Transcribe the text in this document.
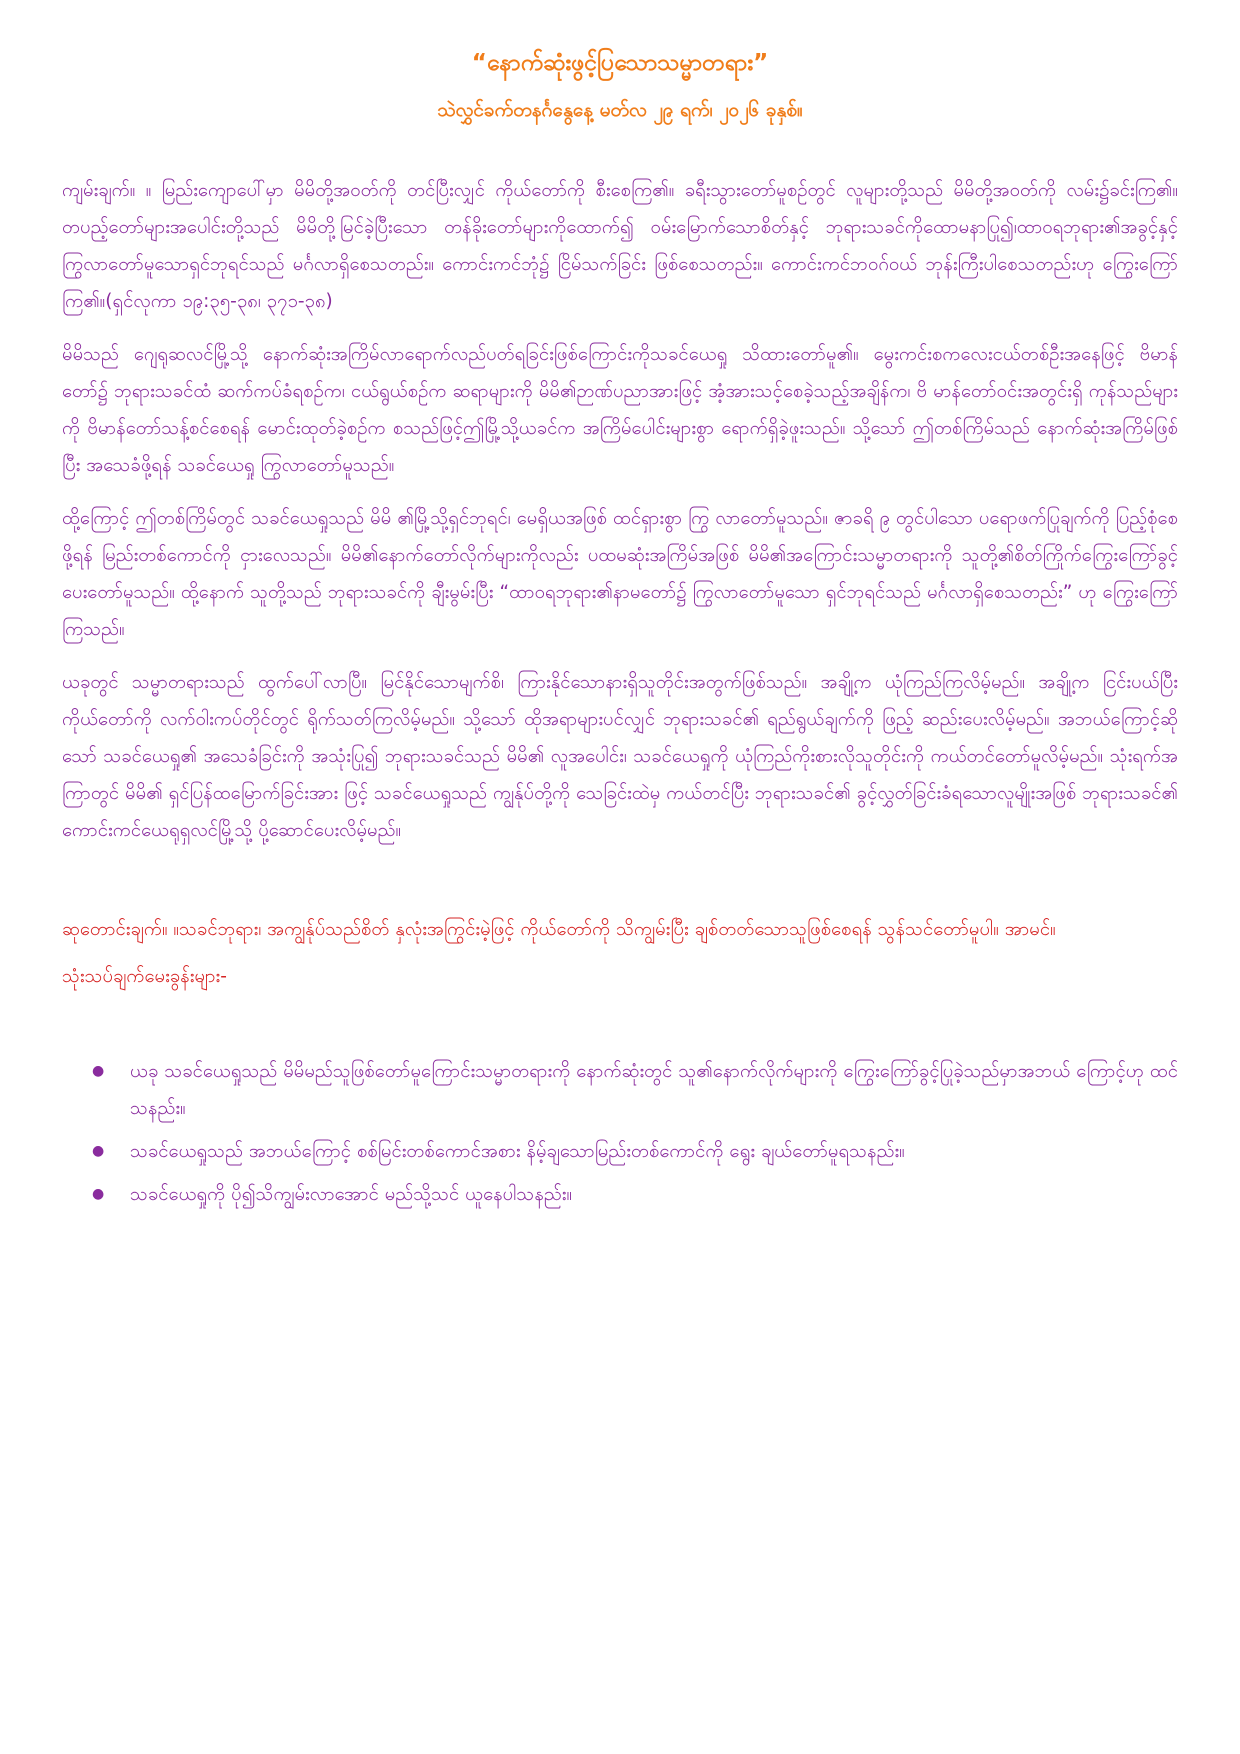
“နောက်ဆုံးဖွင့်ပြသောသမ္မာတရား”
သဲလွှင်ခက်တနင်္ဂနွေနေ့ မတ်လ ၂၉ ရက်၊ ၂၀၂၆ ခုနှစ်။

ကျမ်းချက်။ ။ မြည်းကျောပေါ်မှာ မိမိတို့အဝတ်ကို တင်ပြီးလျှင် ကိုယ်တော်ကို စီးစေကြ၏။ ခရီးသွားတော်မူစဉ်တွင် လူများတို့သည် မိမိတို့အဝတ်ကို လမ်း၌ခင်းကြ၏။ တပည့်တော်များအပေါင်းတို့သည် မိမိတို့မြင်ခဲ့ပြီးသော တန်ခိုးတော်များကိုထောက်၍ ဝမ်းမြောက်သောစိတ်နှင့် ဘုရားသခင်ကိုထောမနာပြု၍၊ထာဝရဘုရား၏အခွင့်နှင့်ကြွလာတော်မူသောရှင်ဘုရင်သည် မင်္ဂလာရှိစေသတည်း။ ကောင်းကင်ဘုံ၌ ငြိမ်သက်ခြင်း ဖြစ်စေသတည်း။ ကောင်းကင်ဘဝဂ်ဝယ် ဘုန်းကြီးပါစေသတည်းဟု ကြွေးကြော်ကြ၏။(ရှင်လုကာ ၁၉:၃၅-၃၈၊ ၃၇၁-၃၈)

မိမိသည် ဂျေရုဆလင်မြို့သို့ နောက်ဆုံးအကြိမ်လာရောက်လည်ပတ်ရခြင်းဖြစ်ကြောင်းကိုသခင်ယေရှု သိထားတော်မူ၏။ မွေးကင်းစကလေးငယ်တစ်ဦးအနေဖြင့် ဗိမာန်တော်၌ ဘုရားသခင်ထံ ဆက်ကပ်ခံရစဉ်က၊ ငယ်ရွယ်စဉ်က ဆရာများကို မိမိ၏ဉာဏ်ပညာအားဖြင့် အံ့အားသင့်စေခဲ့သည့်အချိန်က၊ ဗိ မာန်တော်ဝင်းအတွင်းရှိ ကုန်သည်များကို ဗိမာန်တော်သန့်စင်စေရန် မောင်းထုတ်ခဲ့စဉ်က စသည်ဖြင့်ဤမြို့သို့ယခင်က အကြိမ်ပေါင်းများစွာ ရောက်ရှိခဲ့ဖူးသည်။ သို့သော် ဤတစ်ကြိမ်သည် နောက်ဆုံးအကြိမ်ဖြစ်ပြီး အသေခံဖို့ရန် သခင်ယေရှု ကြွလာတော်မူသည်။

ထို့ကြောင့် ဤတစ်ကြိမ်တွင် သခင်ယေရှုသည် မိမိ ၏မြို့သို့ရှင်ဘုရင်၊ မေရှိယအဖြစ် ထင်ရှားစွာ ကြွ လာတော်မူသည်။ ဇာခရိ ၉ တွင်ပါသော ပရောဖက်ပြုချက်ကို ပြည့်စုံစေဖို့ရန် မြည်းတစ်ကောင်ကို ငှားလေသည်။ မိမိ၏နောက်တော်လိုက်များကိုလည်း ပထမဆုံးအကြိမ်အဖြစ် မိမိ၏အကြောင်းသမ္မာတရားကို သူတို့၏စိတ်ကြိုက်ကြွေးကြော်ခွင့်ပေးတော်မူသည်။ ထို့နောက် သူတို့သည် ဘုရားသခင်ကို ချီးမွမ်းပြီး “ထာဝရဘုရား၏နာမတော်၌ ကြွလာတော်မူသော ရှင်ဘုရင်သည် မင်္ဂလာရှိစေသတည်း” ဟု ကြွေးကြော်ကြသည်။

ယခုတွင် သမ္မာတရားသည် ထွက်ပေါ်လာပြီ။ မြင်နိုင်သောမျက်စိ၊ ကြားနိုင်သောနားရှိသူတိုင်းအတွက်ဖြစ်သည်။ အချို့က ယုံကြည်ကြလိမ့်မည်။ အချို့က ငြင်းပယ်ပြီး ကိုယ်တော်ကို လက်ဝါးကပ်တိုင်တွင် ရိုက်သတ်ကြလိမ့်မည်။ သို့သော် ထိုအရာများပင်လျှင် ဘုရားသခင်၏ ရည်ရွယ်ချက်ကို ဖြည့် ဆည်းပေးလိမ့်မည်။ အဘယ်ကြောင့်ဆိုသော် သခင်ယေရှု၏ အသေခံခြင်းကို အသုံးပြု၍ ဘုရားသခင်သည် မိမိ၏ လူအပေါင်း၊ သခင်ယေရှုကို ယုံကြည်ကိုးစားလိုသူတိုင်းကို ကယ်တင်တော်မူလိမ့်မည်။ သုံးရက်အကြာတွင် မိမိ၏ ရှင်ပြန်ထမြောက်ခြင်းအား ဖြင့် သခင်ယေရှုသည် ကျွန်ုပ်တို့ကို သေခြင်းထဲမှ ကယ်တင်ပြီး ဘုရားသခင်၏ ခွင့်လွှတ်ခြင်းခံရသောလူမျိုးအဖြစ် ဘုရားသခင်၏ ကောင်းကင်ယေရုရှလင်မြို့သို့ ပို့ဆောင်ပေးလိမ့်မည်။

ဆုတောင်းချက်။ ။သခင်ဘုရား၊ အကျွန်ုပ်သည်စိတ် နှလုံးအကြွင်းမဲ့ဖြင့် ကိုယ်တော်ကို သိကျွမ်းပြီး ချစ်တတ်သောသူဖြစ်စေရန် သွန်သင်တော်မူပါ။ အာမင်။

သုံးသပ်ချက်မေးခွန်းများ-

● ယခု သခင်ယေရှုသည် မိမိမည်သူဖြစ်တော်မူကြောင်းသမ္မာတရားကို နောက်ဆုံးတွင် သူ၏နောက်လိုက်များကို ကြွေးကြော်ခွင့်ပြုခဲ့သည်မှာအဘယ် ကြောင့်ဟု ထင်သနည်း။
● သခင်ယေရှုသည် အဘယ်ကြောင့် စစ်မြင်းတစ်ကောင်အစား နိမ့်ချသောမြည်းတစ်ကောင်ကို ရွေး ချယ်တော်မူရသနည်း။
● သခင်ယေရှုကို ပို၍သိကျွမ်းလာအောင် မည်သို့သင် ယူနေပါသနည်း။
